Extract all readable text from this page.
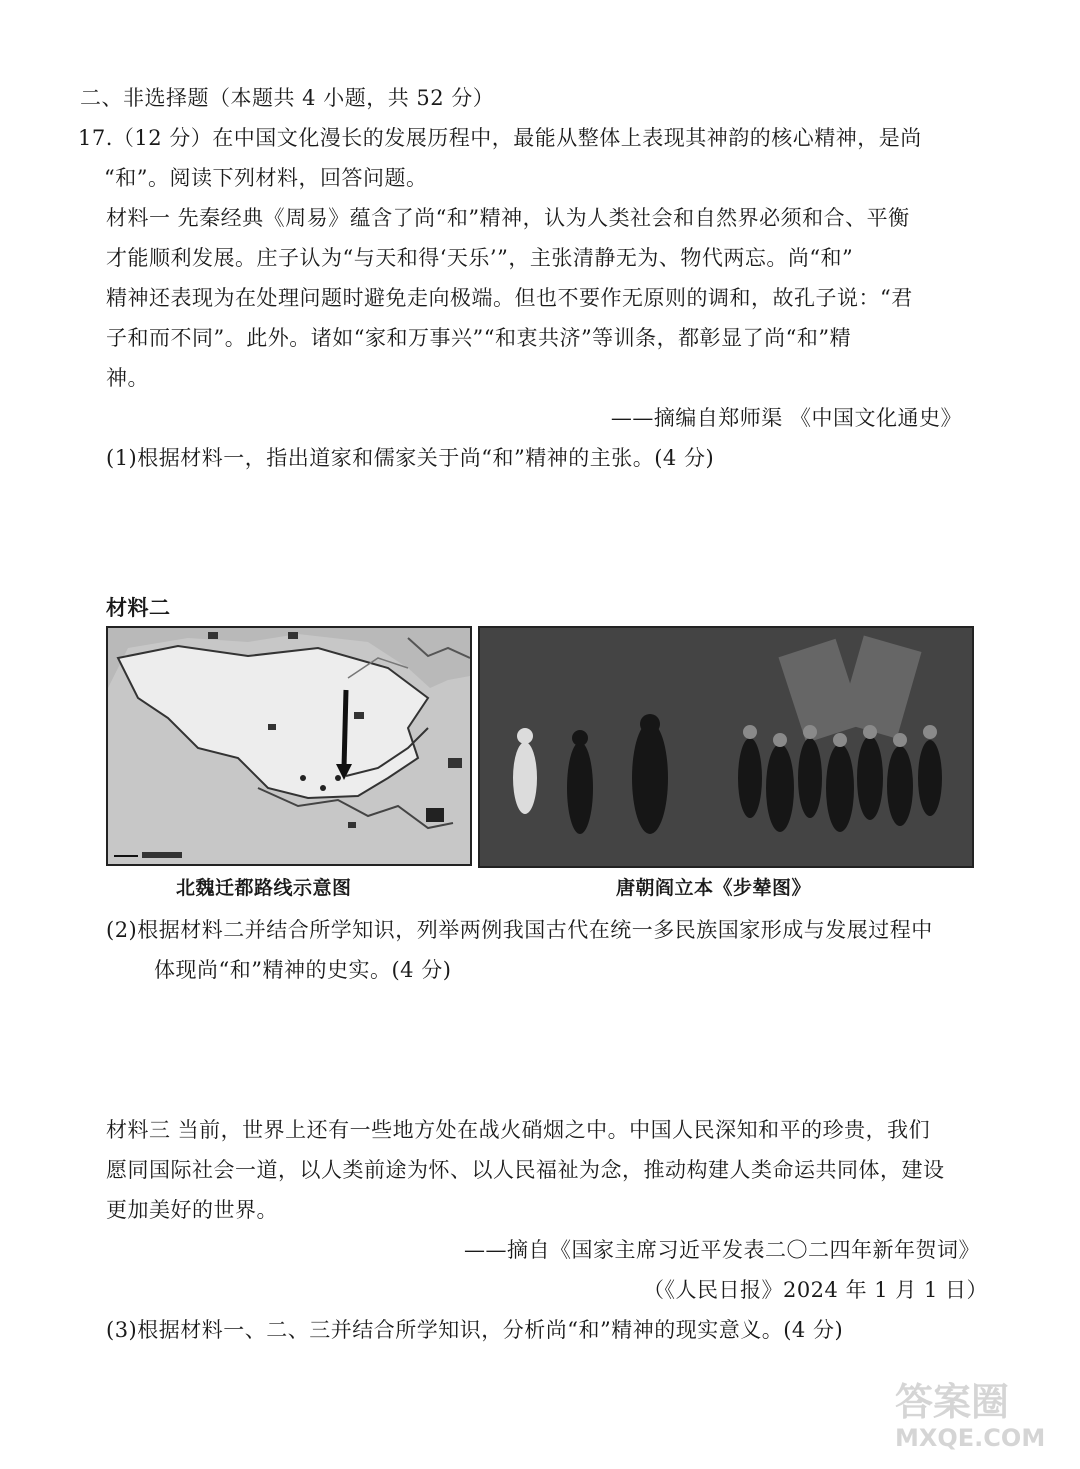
二、非选择题（本题共 4 小题，共 52 分）
17.（12 分）在中国文化漫长的发展历程中，最能从整体上表现其神韵的核心精神，是尚
“和”。阅读下列材料，回答问题。
材料一 先秦经典《周易》蕴含了尚“和”精神，认为人类社会和自然界必须和合、平衡
才能顺利发展。庄子认为“与天和得‘天乐’”，主张清静无为、物代两忘。尚“和”
精神还表现为在处理问题时避免走向极端。但也不要作无原则的调和，故孔子说：“君
子和而不同”。此外。诸如“家和万事兴”“和衷共济”等训条，都彰显了尚“和”精
神。
——摘编自郑师渠 《中国文化通史》
(1)根据材料一，指出道家和儒家关于尚“和”精神的主张。(4 分)
材料二
北魏迁都路线示意图	唐朝阎立本《步辇图》
(2)根据材料二并结合所学知识，列举两例我国古代在统一多民族国家形成与发展过程中
体现尚“和”精神的史实。(4 分)
材料三 当前，世界上还有一些地方处在战火硝烟之中。中国人民深知和平的珍贵，我们
愿同国际社会一道，以人类前途为怀、以人民福祉为念，推动构建人类命运共同体，建设
更加美好的世界。
——摘自《国家主席习近平发表二〇二四年新年贺词》
（《人民日报》2024 年 1 月 1 日）
(3)根据材料一、二、三并结合所学知识，分析尚“和”精神的现实意义。(4 分)
答案圈
MXQE.COM
